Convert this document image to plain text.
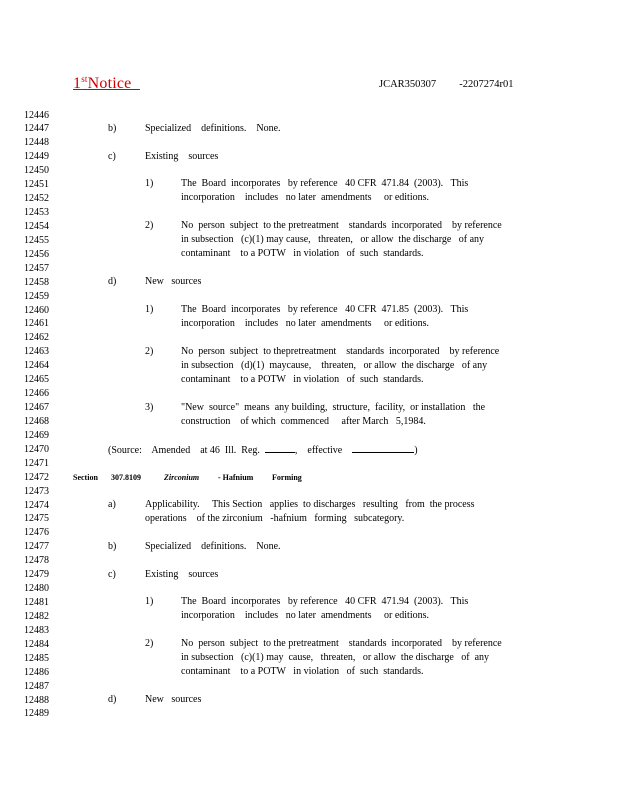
1stNotice	JCAR350307     -2207274r01
12446
12447
12448
12449
12450
12451
12452
12453
12454
12455
12456
12457
12458
12459
12460
12461
12462
12463
12464
12465
12466
12467
12468
12469
12470
12471
12472
12473
12474
12475
12476
12477
12478
12479
12480
12481
12482
12483
12484
12485
12486
12487
12488
12489
b)	Specialized    definitions.    None.
c)	Existing    sources
1)	The  Board  incorporates   by reference   40 CFR  471.84  (2003).   This
incorporation    includes   no later  amendments     or editions.
2)	No  person  subject  to the pretreatment    standards  incorporated    by reference
in subsection   (c)(1) may cause,   threaten,   or allow  the discharge   of any
contaminant    to a POTW   in violation   of  such  standards.
d)	New   sources
1)	The  Board  incorporates   by reference   40 CFR  471.85  (2003).   This
incorporation    includes   no later  amendments     or editions.
2)	No  person  subject  to thepretreatment    standards  incorporated    by reference
in subsection   (d)(1)  maycause,    threaten,   or allow  the discharge   of any
contaminant    to a POTW   in violation   of  such  standards.
3)	"New  source"  means  any building,  structure,  facility,  or installation   the
construction    of which  commenced     after March   5,1984.
(Source:    Amended    at 46  Ill.  Reg.	,    effective	)
Section 307.8109	Zirconium - Hafnium Forming
a)	Applicability.     This Section   applies  to discharges   resulting   from  the process
operations    of the zirconium   -hafnium   forming   subcategory.
b)	Specialized    definitions.    None.
c)	Existing    sources
1)	The  Board  incorporates   by reference   40 CFR  471.94  (2003).   This
incorporation    includes   no later  amendments     or editions.
2)	No  person  subject  to the pretreatment    standards  incorporated    by reference
in subsection   (c)(1) may  cause,   threaten,   or allow  the discharge   of  any
contaminant    to a POTW   in violation   of  such  standards.
d)	New   sources
